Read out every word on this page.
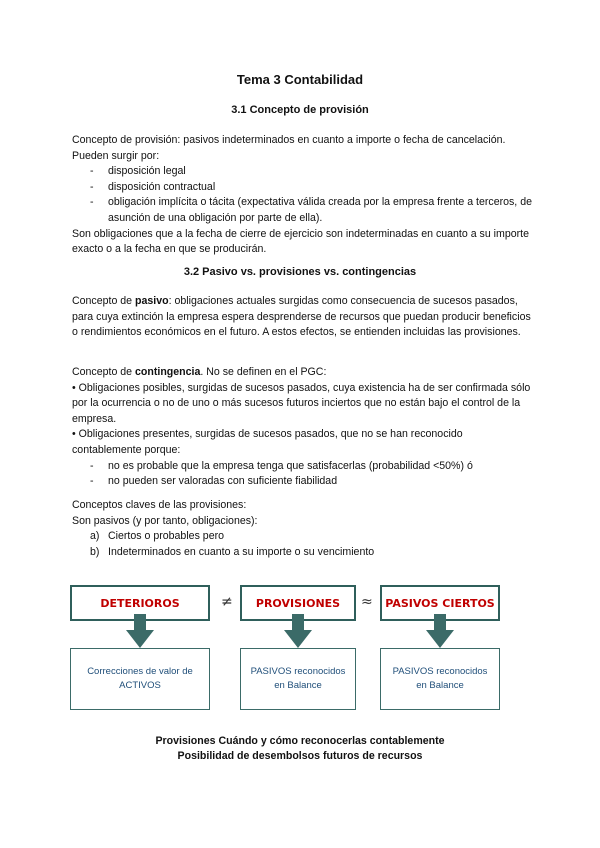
Tema 3 Contabilidad
3.1 Concepto de provisión
Concepto de provisión: pasivos indeterminados en cuanto a importe o fecha de cancelación.
Pueden surgir por:
- disposición legal
- disposición contractual
- obligación implícita o tácita (expectativa válida creada por la empresa frente a terceros, de asunción de una obligación por parte de ella).
Son obligaciones que a la fecha de cierre de ejercicio son indeterminadas en cuanto a su importe exacto o a la fecha en que se producirán.
3.2 Pasivo vs. provisiones vs. contingencias
Concepto de pasivo: obligaciones actuales surgidas como consecuencia de sucesos pasados, para cuya extinción la empresa espera desprenderse de recursos que puedan producir beneficios o rendimientos económicos en el futuro. A estos efectos, se entienden incluidas las provisiones.
Concepto de contingencia. No se definen en el PGC:
• Obligaciones posibles, surgidas de sucesos pasados, cuya existencia ha de ser confirmada sólo por la ocurrencia o no de uno o más sucesos futuros inciertos que no están bajo el control de la empresa.
• Obligaciones presentes, surgidas de sucesos pasados, que no se han reconocido contablemente porque:
- no es probable que la empresa tenga que satisfacerlas (probabilidad <50%) ó
- no pueden ser valoradas con suficiente fiabilidad
Conceptos claves de las provisiones:
Son pasivos (y por tanto, obligaciones):
a) Ciertos o probables pero
b) Indeterminados en cuanto a su importe o su vencimiento
DETERIOROS	≠	PROVISIONES	≈	PASIVOS CIERTOS
Correcciones de valor de ACTIVOS
PASIVOS reconocidos en Balance
PASIVOS reconocidos en Balance
Provisiones Cuándo y cómo reconocerlas contablemente
Posibilidad de desembolsos futuros de recursos
